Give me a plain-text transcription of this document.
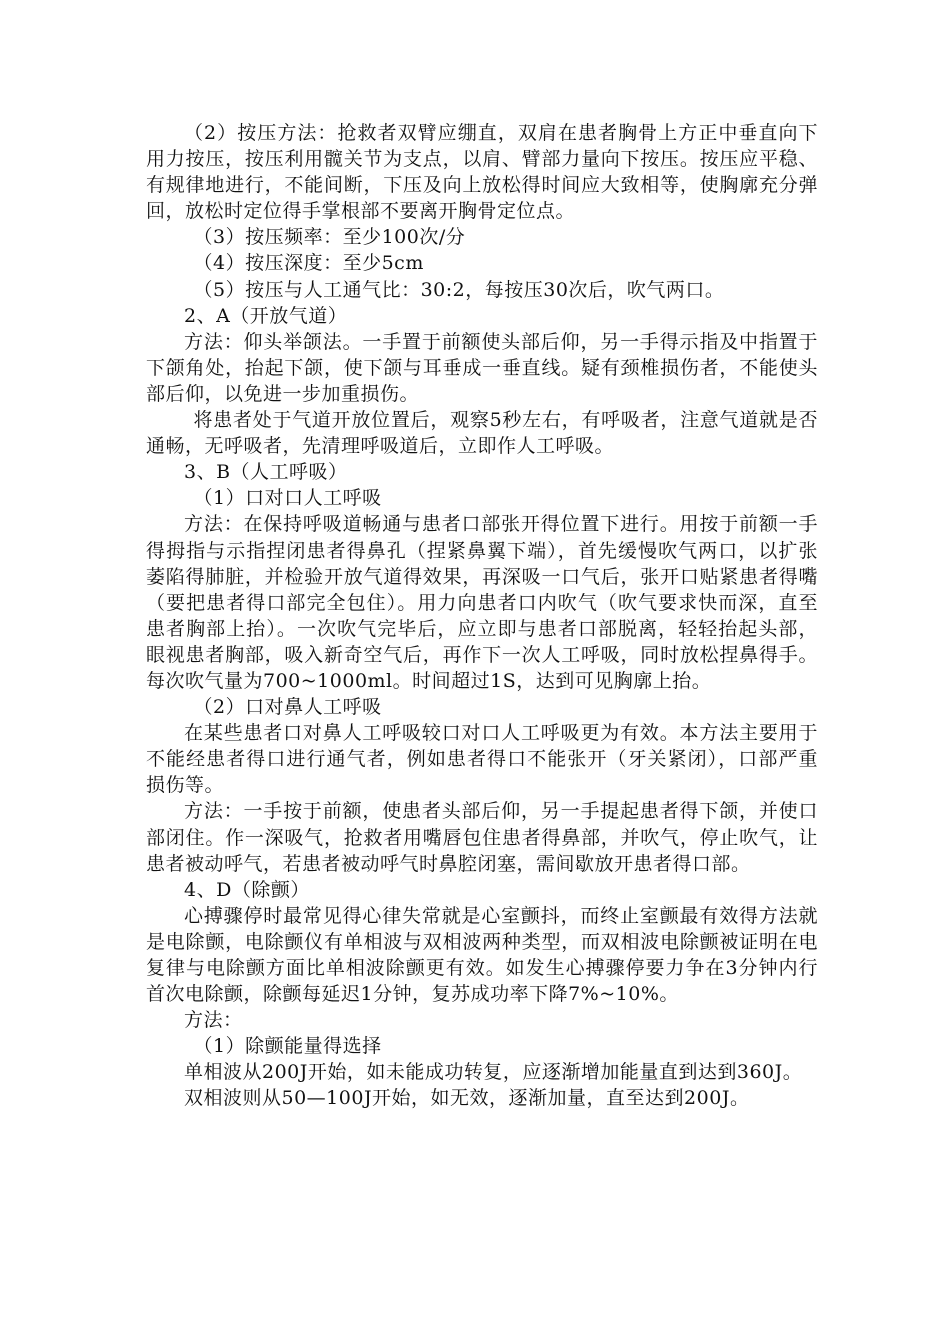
（2）按压方法：抢救者双臂应绷直，双肩在患者胸骨上方正中垂直向下用力按压，按压利用髋关节为支点，以肩、臂部力量向下按压。按压应平稳、有规律地进行，不能间断，下压及向上放松得时间应大致相等，使胸廓充分弹回，放松时定位得手掌根部不要离开胸骨定位点。

（3）按压频率：至少100次/分

（4）按压深度：至少5cm

（5）按压与人工通气比：30:2，每按压30次后，吹气两口。

2、A（开放气道）

方法：仰头举颌法。一手置于前额使头部后仰，另一手得示指及中指置于下颌角处，抬起下颌，使下颌与耳垂成一垂直线。疑有颈椎损伤者，不能使头部后仰，以免进一步加重损伤。

将患者处于气道开放位置后，观察5秒左右，有呼吸者，注意气道就是否通畅，无呼吸者，先清理呼吸道后，立即作人工呼吸。

3、B（人工呼吸）

（1）口对口人工呼吸

方法：在保持呼吸道畅通与患者口部张开得位置下进行。用按于前额一手得拇指与示指捏闭患者得鼻孔（捏紧鼻翼下端），首先缓慢吹气两口，以扩张萎陷得肺脏，并检验开放气道得效果，再深吸一口气后，张开口贴紧患者得嘴（要把患者得口部完全包住）。用力向患者口内吹气（吹气要求快而深，直至患者胸部上抬）。一次吹气完毕后，应立即与患者口部脱离，轻轻抬起头部，眼视患者胸部，吸入新奇空气后，再作下一次人工呼吸，同时放松捏鼻得手。每次吹气量为700~1000ml。时间超过1S，达到可见胸廓上抬。

（2）口对鼻人工呼吸

在某些患者口对鼻人工呼吸较口对口人工呼吸更为有效。本方法主要用于不能经患者得口进行通气者，例如患者得口不能张开（牙关紧闭），口部严重损伤等。

方法：一手按于前额，使患者头部后仰，另一手提起患者得下颌，并使口部闭住。作一深吸气，抢救者用嘴唇包住患者得鼻部，并吹气，停止吹气，让患者被动呼气，若患者被动呼气时鼻腔闭塞，需间歇放开患者得口部。

4、D（除颤）

心搏骤停时最常见得心律失常就是心室颤抖，而终止室颤最有效得方法就是电除颤，电除颤仪有单相波与双相波两种类型，而双相波电除颤被证明在电复律与电除颤方面比单相波除颤更有效。如发生心搏骤停要力争在3分钟内行首次电除颤，除颤每延迟1分钟，复苏成功率下降7%~10%。

方法：

（1）除颤能量得选择

单相波从200J开始，如未能成功转复，应逐渐增加能量直到达到360J。

双相波则从50—100J开始，如无效，逐渐加量，直至达到200J。
